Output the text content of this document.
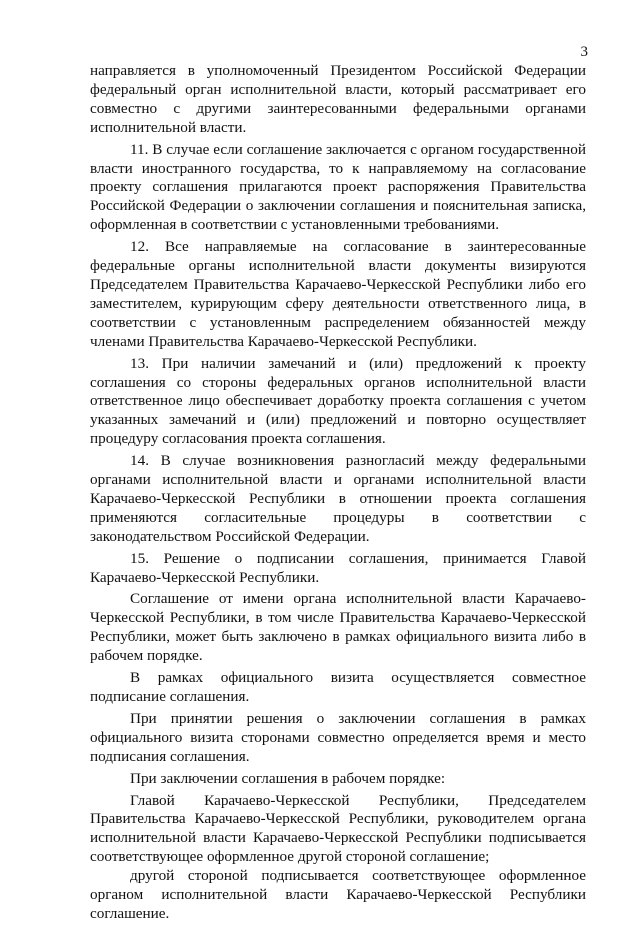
3

направляется в уполномоченный Президентом Российской Федерации федеральный орган исполнительной власти, который рассматривает его совместно с другими заинтересованными федеральными органами исполнительной власти.

11. В случае если соглашение заключается с органом государственной власти иностранного государства, то к направляемому на согласование проекту соглашения прилагаются проект распоряжения Правительства Российской Федерации о заключении соглашения и пояснительная записка, оформленная в соответствии с установленными требованиями.

12. Все направляемые на согласование в заинтересованные федеральные органы исполнительной власти документы визируются Председателем Правительства Карачаево-Черкесской Республики либо его заместителем, курирующим сферу деятельности ответственного лица, в соответствии с установленным распределением обязанностей между членами Правительства Карачаево-Черкесской Республики.

13. При наличии замечаний и (или) предложений к проекту соглашения со стороны федеральных органов исполнительной власти ответственное лицо обеспечивает доработку проекта соглашения с учетом указанных замечаний и (или) предложений и повторно осуществляет процедуру согласования проекта соглашения.

14. В случае возникновения разногласий между федеральными органами исполнительной власти и органами исполнительной власти Карачаево-Черкесской Республики в отношении проекта соглашения применяются согласительные процедуры в соответствии с законодательством Российской Федерации.

15. Решение о подписании соглашения, принимается Главой Карачаево-Черкесской Республики.

Соглашение от имени органа исполнительной власти Карачаево-Черкесской Республики, в том числе Правительства Карачаево-Черкесской Республики, может быть заключено в рамках официального визита либо в рабочем порядке.

В рамках официального визита осуществляется совместное подписание соглашения.

При принятии решения о заключении соглашения в рамках официального визита сторонами совместно определяется время и место подписания соглашения.

При заключении соглашения в рабочем порядке:

Главой Карачаево-Черкесской Республики, Председателем Правительства Карачаево-Черкесской Республики, руководителем органа исполнительной власти Карачаево-Черкесской Республики подписывается соответствующее оформленное другой стороной соглашение;

другой стороной подписывается соответствующее оформленное органом исполнительной власти Карачаево-Черкесской Республики соглашение.
